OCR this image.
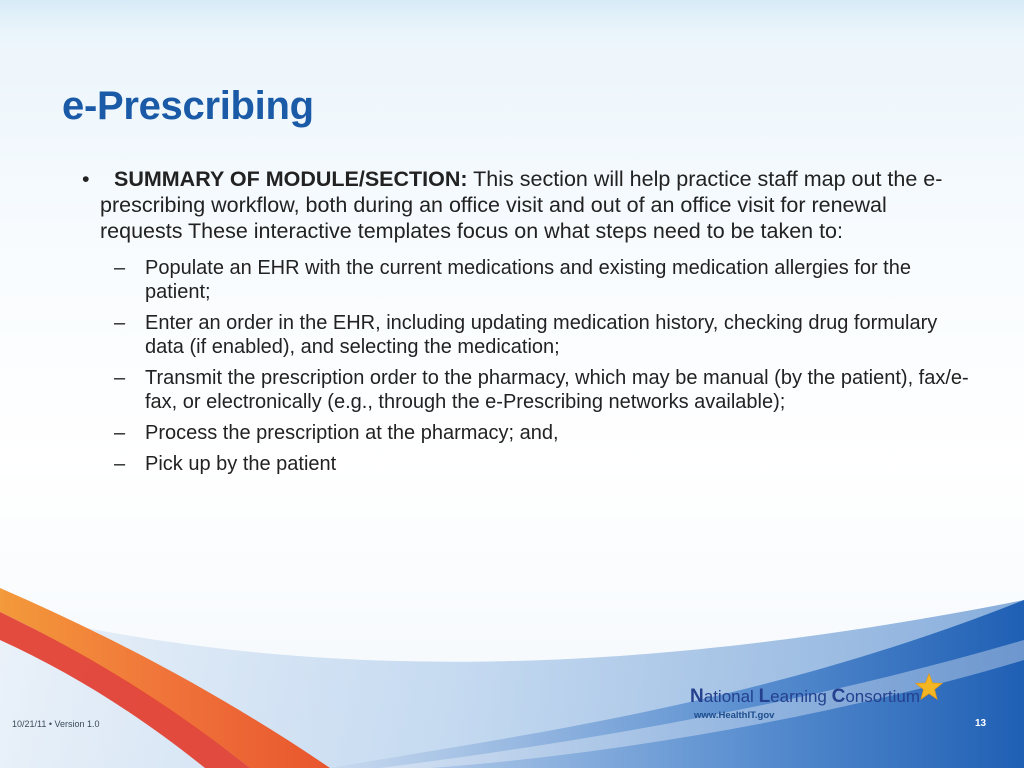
e-Prescribing
• SUMMARY OF MODULE/SECTION: This section will help practice staff map out the e-prescribing workflow, both during an office visit and out of an office visit for renewal requests These interactive templates focus on what steps need to be taken to:
– Populate an EHR with the current medications and existing medication allergies for the patient;
– Enter an order in the EHR, including updating medication history, checking drug formulary data (if enabled), and selecting the medication;
– Transmit the prescription order to the pharmacy, which may be manual (by the patient), fax/e-fax, or electronically (e.g., through the e-Prescribing networks available);
– Process the prescription at the pharmacy; and,
– Pick up by the patient
National Learning Consortium
www.HealthIT.gov
10/21/11 • Version 1.0	13
